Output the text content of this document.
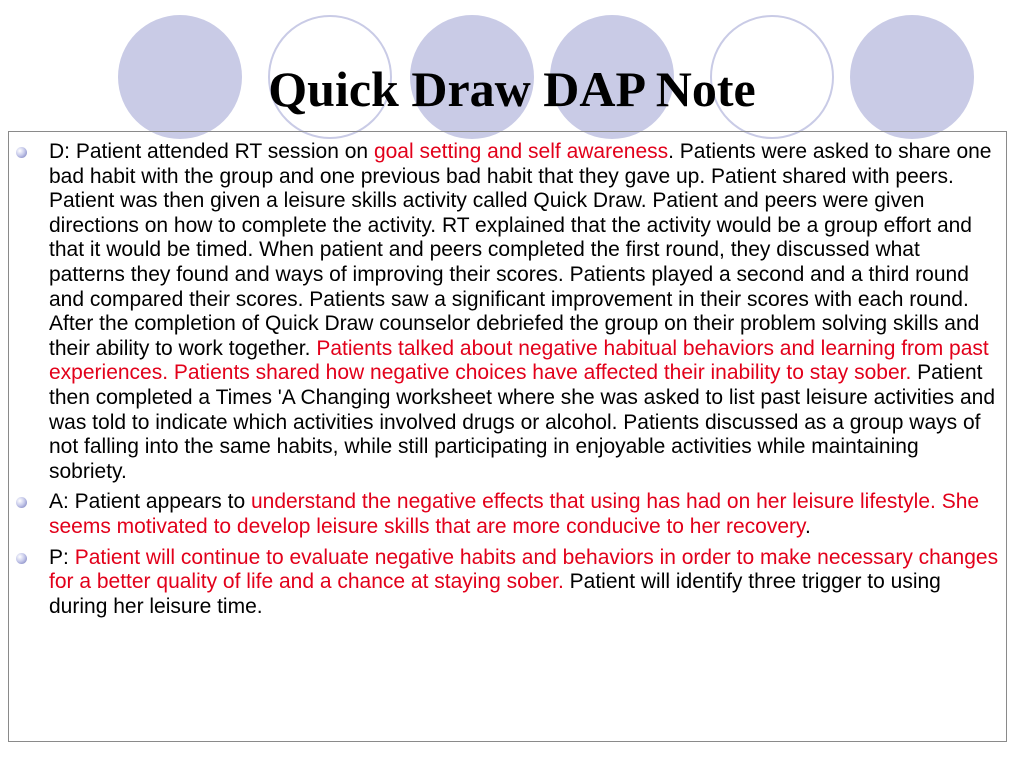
Quick Draw DAP Note
D: Patient attended RT session on goal setting and self awareness. Patients were asked to share one bad habit with the group and one previous bad habit that they gave up. Patient shared with peers. Patient was then given a leisure skills activity called Quick Draw. Patient and peers were given directions on how to complete the activity. RT explained that the activity would be a group effort and that it would be timed. When patient and peers completed the first round, they discussed what patterns they found and ways of improving their scores. Patients played a second and a third round and compared their scores. Patients saw a significant improvement in their scores with each round. After the completion of Quick Draw counselor debriefed the group on their problem solving skills and their ability to work together. Patients talked about negative habitual behaviors and learning from past experiences. Patients shared how negative choices have affected their inability to stay sober. Patient then completed a Times 'A Changing worksheet where she was asked to list past leisure activities and was told to indicate which activities involved drugs or alcohol. Patients discussed as a group ways of not falling into the same habits, while still participating in enjoyable activities while maintaining sobriety.
A: Patient appears to understand the negative effects that using has had on her leisure lifestyle. She seems motivated to develop leisure skills that are more conducive to her recovery.
P: Patient will continue to evaluate negative habits and behaviors in order to make necessary changes for a better quality of life and a chance at staying sober. Patient will identify three trigger to using during her leisure time.
